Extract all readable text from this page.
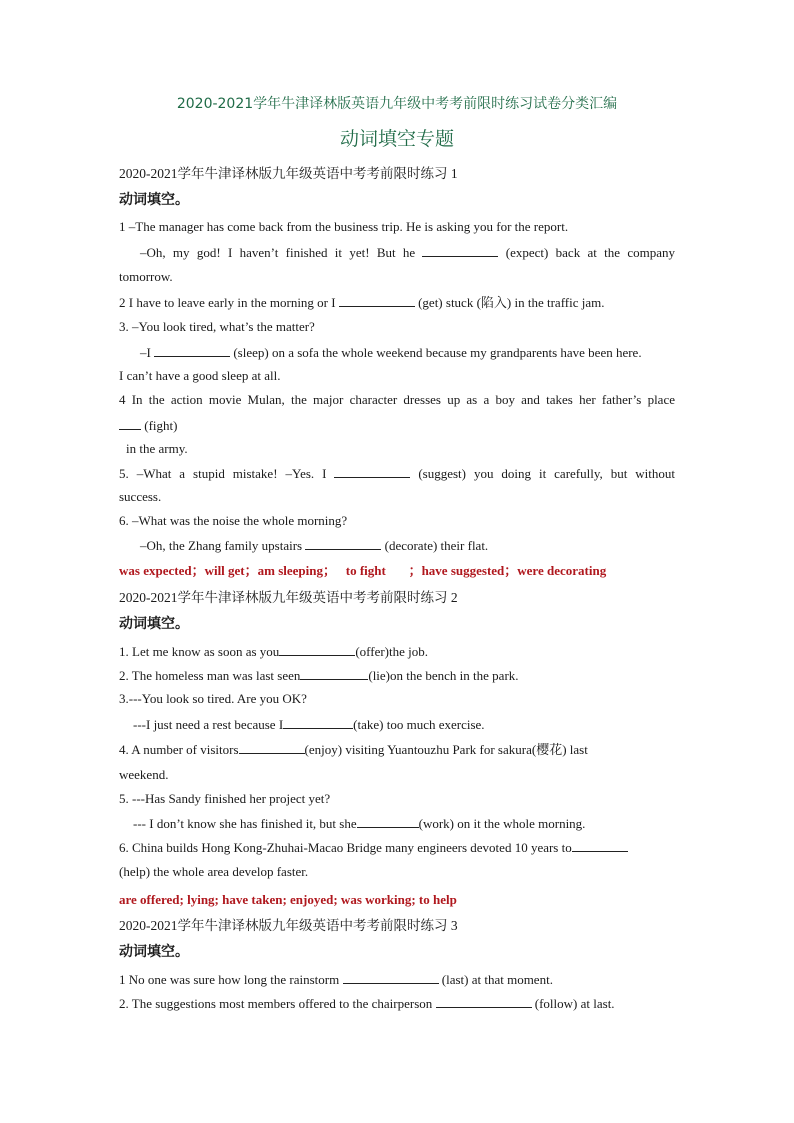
2020-2021学年牛津译林版英语九年级中考考前限时练习试卷分类汇编
动词填空专题
2020-2021学年牛津译林版九年级英语中考考前限时练习 1
动词填空。
1 –The manager has come back from the business trip. He is asking you for the report.
–Oh, my god! I haven’t finished it yet! But he	(expect) back at the company
tomorrow.
2 I have to leave early in the morning or I	(get) stuck (陷入) in the traffic jam.
3. –You look tired, what’s the matter?
–I	(sleep) on a sofa the whole weekend because my grandparents have been here.
I can’t have a good sleep at all.
4 In the action movie Mulan, the major character dresses up as a boy and takes her father’s place
(fight)
in the army.
5. –What a stupid mistake! –Yes. I	(suggest) you doing it carefully, but without
success.
6. –What was the noise the whole morning?
–Oh, the Zhang family upstairs	(decorate) their flat.
was expected；will get；am sleeping；   to fight       ；have suggested；were decorating
2020-2021学年牛津译林版九年级英语中考考前限时练习 2
动词填空。
1. Let me know as soon as you	(offer)the job.
2. The homeless man was last seen	(lie)on the bench in the park.
3.---You look so tired. Are you OK?
---I just need a rest because I	(take) too much exercise.
4. A number of visitors	(enjoy) visiting Yuantouzhu Park for sakura(樱花) last
weekend.
5. ---Has Sandy finished her project yet?
--- I don’t know she has finished it, but she	(work) on it the whole morning.
6. China builds Hong Kong-Zhuhai-Macao Bridge many engineers devoted 10 years to
(help) the whole area develop faster.
are offered; lying; have taken; enjoyed; was working; to help
2020-2021学年牛津译林版九年级英语中考考前限时练习 3
动词填空。
1 No one was sure how long the rainstorm	(last) at that moment.
2. The suggestions most members offered to the chairperson	(follow) at last.
